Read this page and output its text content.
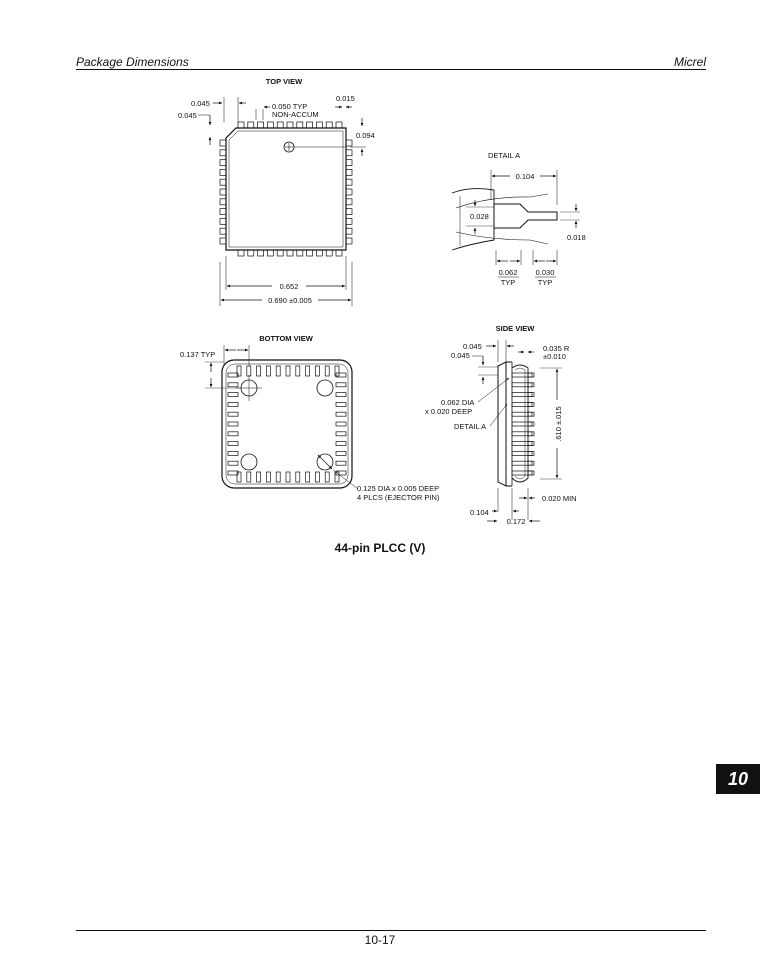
Package Dimensions	Micrel
TOP VIEW
0.045
0.045
0.050 TYP
NON-ACCUM
0.015
0.094
0.652
0.690 ±0.005
DETAIL A
0.104
0.028
0.018
0.062
TYP
0.030
TYP
BOTTOM VIEW
0.137 TYP
0.125 DIA x 0.005 DEEP
4 PLCS (EJECTOR PIN)
SIDE VIEW
0.045
0.045
0.035 R
±0.010
0.062 DIA
x 0.020 DEEP
DETAIL A	.610 ±.015
0.020 MIN
0.104
0.172
44-pin PLCC (V)
10
10-17
